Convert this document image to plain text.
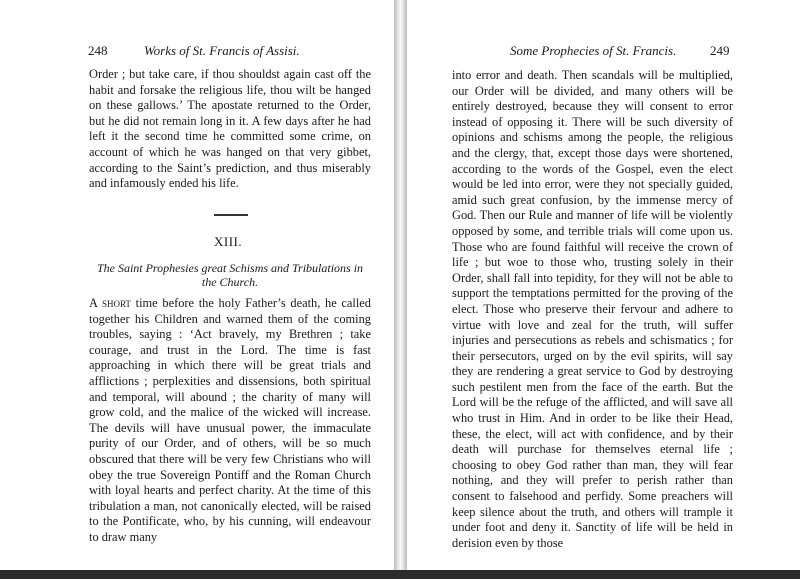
248	Works of St. Francis of Assisi.

Order ; but take care, if thou shouldst again cast off the habit and forsake the religious life, thou wilt be hanged on these gallows.’ The apostate returned to the Order, but he did not remain long in it. A few days after he had left it the second time he committed some crime, on account of which he was hanged on that very gibbet, according to the Saint’s prediction, and thus miserably and infamously ended his life.

XIII.
The Saint Prophesies great Schisms and Tribulations in the Church.

A short time before the holy Father’s death, he called together his Children and warned them of the coming troubles, saying : ‘Act bravely, my Brethren ; take courage, and trust in the Lord. The time is fast approaching in which there will be great trials and afflictions ; perplexities and dissensions, both spiritual and temporal, will abound ; the charity of many will grow cold, and the malice of the wicked will increase. The devils will have unusual power, the immaculate purity of our Order, and of others, will be so much obscured that there will be very few Christians who will obey the true Sovereign Pontiff and the Roman Church with loyal hearts and perfect charity. At the time of this tribulation a man, not canonically elected, will be raised to the Pontificate, who, by his cunning, will endeavour to draw many

Some Prophecies of St. Francis.	249

into error and death. Then scandals will be multiplied, our Order will be divided, and many others will be entirely destroyed, because they will consent to error instead of opposing it. There will be such diversity of opinions and schisms among the people, the religious and the clergy, that, except those days were shortened, according to the words of the Gospel, even the elect would be led into error, were they not specially guided, amid such great confusion, by the immense mercy of God. Then our Rule and manner of life will be violently opposed by some, and terrible trials will come upon us. Those who are found faithful will receive the crown of life ; but woe to those who, trusting solely in their Order, shall fall into tepidity, for they will not be able to support the temptations permitted for the proving of the elect. Those who preserve their fervour and adhere to virtue with love and zeal for the truth, will suffer injuries and persecutions as rebels and schismatics ; for their persecutors, urged on by the evil spirits, will say they are rendering a great service to God by destroying such pestilent men from the face of the earth. But the Lord will be the refuge of the afflicted, and will save all who trust in Him. And in order to be like their Head, these, the elect, will act with confidence, and by their death will purchase for themselves eternal life ; choosing to obey God rather than man, they will fear nothing, and they will prefer to perish rather than consent to falsehood and perfidy. Some preachers will keep silence about the truth, and others will trample it under foot and deny it. Sanctity of life will be held in derision even by those
